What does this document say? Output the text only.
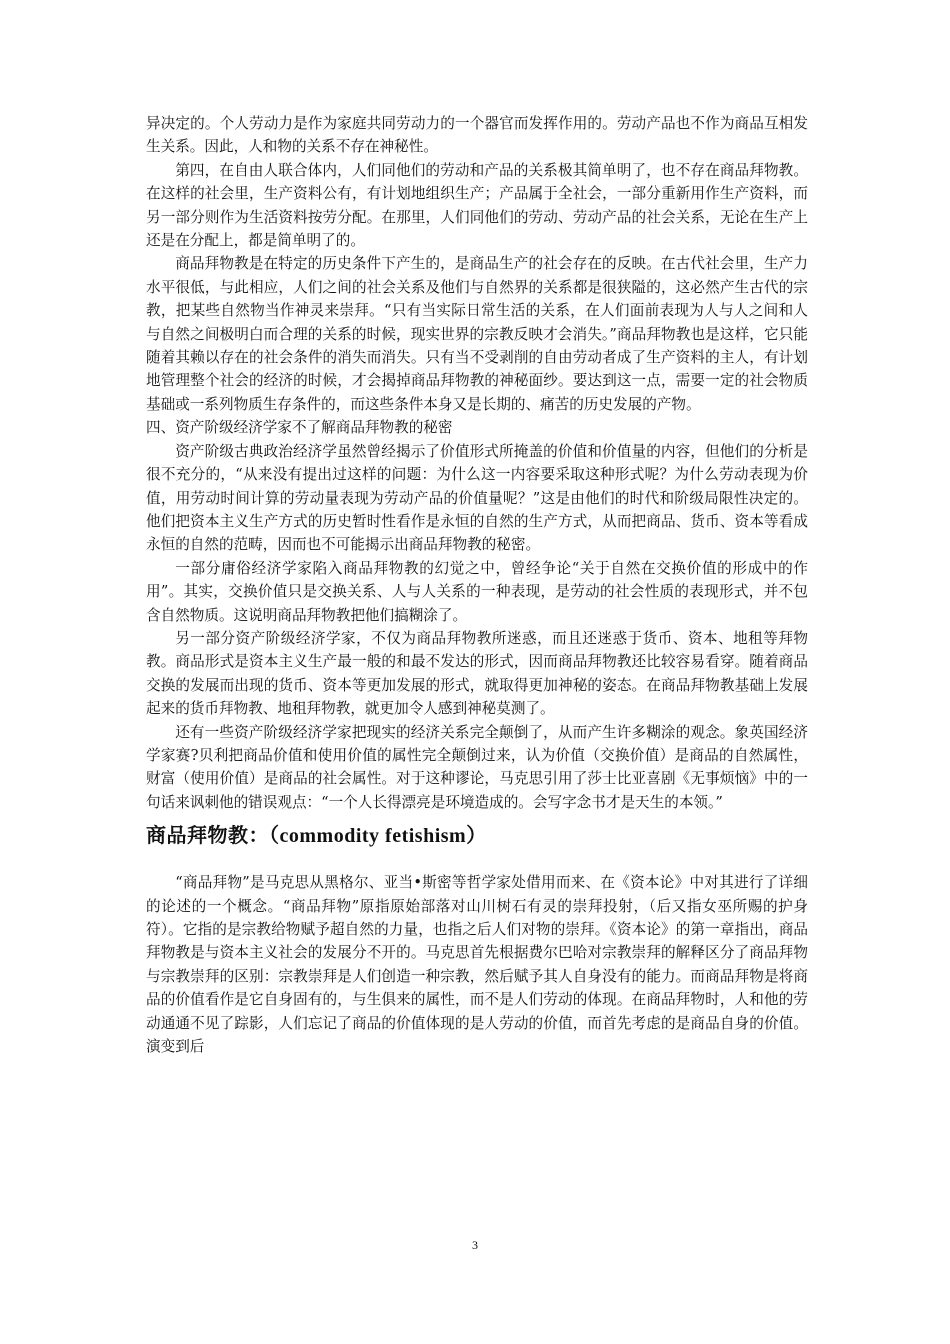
异决定的。个人劳动力是作为家庭共同劳动力的一个器官而发挥作用的。劳动产品也不作为商品互相发生关系。因此，人和物的关系不存在神秘性。

第四，在自由人联合体内，人们同他们的劳动和产品的关系极其简单明了，也不存在商品拜物教。在这样的社会里，生产资料公有，有计划地组织生产；产品属于全社会，一部分重新用作生产资料，而另一部分则作为生活资料按劳分配。在那里，人们同他们的劳动、劳动产品的社会关系，无论在生产上还是在分配上，都是简单明了的。

商品拜物教是在特定的历史条件下产生的，是商品生产的社会存在的反映。在古代社会里，生产力水平很低，与此相应，人们之间的社会关系及他们与自然界的关系都是很狭隘的，这必然产生古代的宗教，把某些自然物当作神灵来崇拜。“只有当实际日常生活的关系，在人们面前表现为人与人之间和人与自然之间极明白而合理的关系的时候，现实世界的宗教反映才会消失。”商品拜物教也是这样，它只能随着其赖以存在的社会条件的消失而消失。只有当不受剥削的自由劳动者成了生产资料的主人，有计划地管理整个社会的经济的时候，才会揭掉商品拜物教的神秘面纱。要达到这一点，需要一定的社会物质基础或一系列物质生存条件的，而这些条件本身又是长期的、痛苦的历史发展的产物。

四、资产阶级经济学家不了解商品拜物教的秘密

资产阶级古典政治经济学虽然曾经揭示了价值形式所掩盖的价值和价值量的内容，但他们的分析是很不充分的，“从来没有提出过这样的问题：为什么这一内容要采取这种形式呢？为什么劳动表现为价值，用劳动时间计算的劳动量表现为劳动产品的价值量呢？”这是由他们的时代和阶级局限性决定的。他们把资本主义生产方式的历史暂时性看作是永恒的自然的生产方式，从而把商品、货币、资本等看成永恒的自然的范畴，因而也不可能揭示出商品拜物教的秘密。

一部分庸俗经济学家陷入商品拜物教的幻觉之中，曾经争论“关于自然在交换价值的形成中的作用”。其实，交换价值只是交换关系、人与人关系的一种表现，是劳动的社会性质的表现形式，并不包含自然物质。这说明商品拜物教把他们搞糊涂了。

另一部分资产阶级经济学家，不仅为商品拜物教所迷惑，而且还迷惑于货币、资本、地租等拜物教。商品形式是资本主义生产最一般的和最不发达的形式，因而商品拜物教还比较容易看穿。随着商品交换的发展而出现的货币、资本等更加发展的形式，就取得更加神秘的姿态。在商品拜物教基础上发展起来的货币拜物教、地租拜物教，就更加令人感到神秘莫测了。

还有一些资产阶级经济学家把现实的经济关系完全颠倒了，从而产生许多糊涂的观念。象英国经济学家赛?贝利把商品价值和使用价值的属性完全颠倒过来，认为价值（交换价值）是商品的自然属性，财富（使用价值）是商品的社会属性。对于这种谬论，马克思引用了莎士比亚喜剧《无事烦恼》中的一句话来讽刺他的错误观点：“一个人长得漂亮是环境造成的。会写字念书才是天生的本领。”

商品拜物教：（commodity fetishism）

“商品拜物”是马克思从黑格尔、亚当•斯密等哲学家处借用而来、在《资本论》中对其进行了详细的论述的一个概念。“商品拜物”原指原始部落对山川树石有灵的崇拜投射，（后又指女巫所赐的护身符）。它指的是宗教给物赋予超自然的力量，也指之后人们对物的崇拜。《资本论》的第一章指出，商品拜物教是与资本主义社会的发展分不开的。马克思首先根据费尔巴哈对宗教崇拜的解释区分了商品拜物与宗教崇拜的区别：宗教崇拜是人们创造一种宗教，然后赋予其人自身没有的能力。而商品拜物是将商品的价值看作是它自身固有的，与生俱来的属性，而不是人们劳动的体现。在商品拜物时，人和他的劳动通通不见了踪影，人们忘记了商品的价值体现的是人劳动的价值，而首先考虑的是商品自身的价值。演变到后

3
